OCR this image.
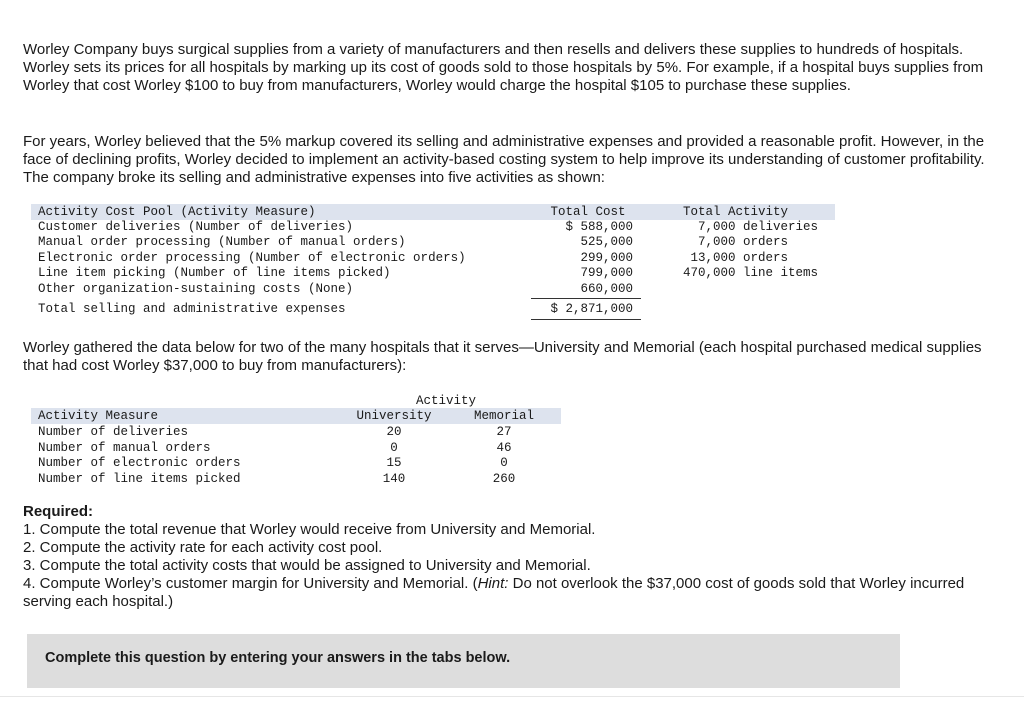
Worley Company buys surgical supplies from a variety of manufacturers and then resells and delivers these supplies to hundreds of hospitals. Worley sets its prices for all hospitals by marking up its cost of goods sold to those hospitals by 5%. For example, if a hospital buys supplies from Worley that cost Worley $100 to buy from manufacturers, Worley would charge the hospital $105 to purchase these supplies.

For years, Worley believed that the 5% markup covered its selling and administrative expenses and provided a reasonable profit. However, in the face of declining profits, Worley decided to implement an activity-based costing system to help improve its understanding of customer profitability. The company broke its selling and administrative expenses into five activities as shown:

Activity Cost Pool (Activity Measure)	Total Cost	Total Activity
Customer deliveries (Number of deliveries)	$ 588,000	7,000 deliveries
Manual order processing (Number of manual orders)	525,000	7,000 orders
Electronic order processing (Number of electronic orders)	299,000	13,000 orders
Line item picking (Number of line items picked)	799,000	470,000 line items
Other organization-sustaining costs (None)	660,000
Total selling and administrative expenses	$ 2,871,000

Worley gathered the data below for two of the many hospitals that it serves—University and Memorial (each hospital purchased medical supplies that had cost Worley $37,000 to buy from manufacturers):

Activity
Activity Measure	University	Memorial
Number of deliveries	20	27
Number of manual orders	0	46
Number of electronic orders	15	0
Number of line items picked	140	260

Required:

1. Compute the total revenue that Worley would receive from University and Memorial.

2. Compute the activity rate for each activity cost pool.

3. Compute the total activity costs that would be assigned to University and Memorial.

4. Compute Worley’s customer margin for University and Memorial. (Hint: Do not overlook the $37,000 cost of goods sold that Worley incurred serving each hospital.)

Complete this question by entering your answers in the tabs below.
